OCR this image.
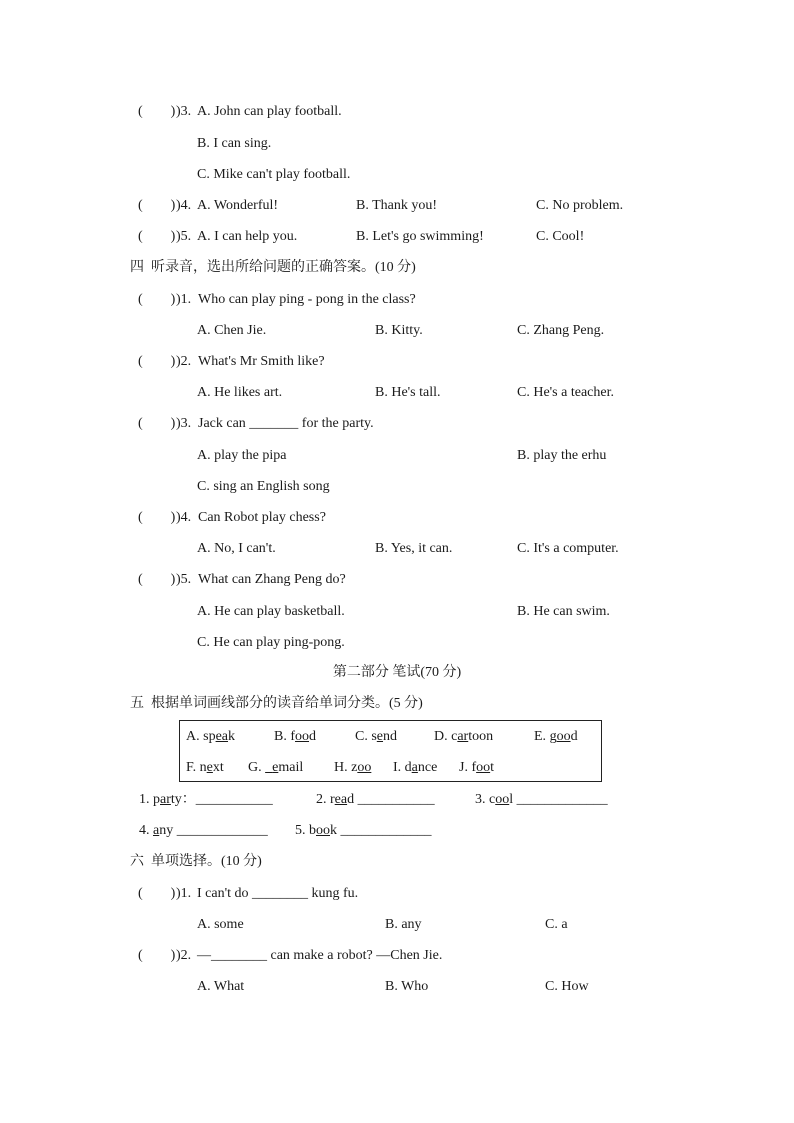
(        ) )3. A. John can play football.
B. I can sing.
C. Mike can't play football.
(        ) )4. A. Wonderful!	B. Thank you!	C. No problem.
(        ) )5. A. I can help you.	B. Let's go swimming!	C. Cool!
四  听录音，选出所给问题的正确答案。(10 分)
(        ) )1. Who can play ping - pong in the class?
A. Chen Jie.	B. Kitty.	C. Zhang Peng.
(        ) )2. What's Mr Smith like?
A. He likes art.	B. He's tall.	C. He's a teacher.
(        ) )3. Jack can _______ for the party.
A. play the pipa	B. play the erhu
C. sing an English song
(        ) )4. Can Robot play chess?
A. No, I can't.	B. Yes, it can.	C. It's a computer.
(        ) )5. What can Zhang Peng do?
A. He can play basketball.	B. He can swim.
C. He can play ping-pong.
第二部分 笔试(70 分)
五  根据单词画线部分的读音给单词分类。(5 分)
A. speak	B. food	C. send	D. cartoon	E. good
F. next G.   email H. zoo I. dance J. foot
1. party：___________	2. read ___________	3. cool _____________
4. any _____________ 5. book _____________
六  单项选择。(10 分)
(        ) )1. I can't do ________ kung fu.
A. some	B. any	C. a
(        ) )2. —________ can make a robot? —Chen Jie.
A. What	B. Who	C. How
